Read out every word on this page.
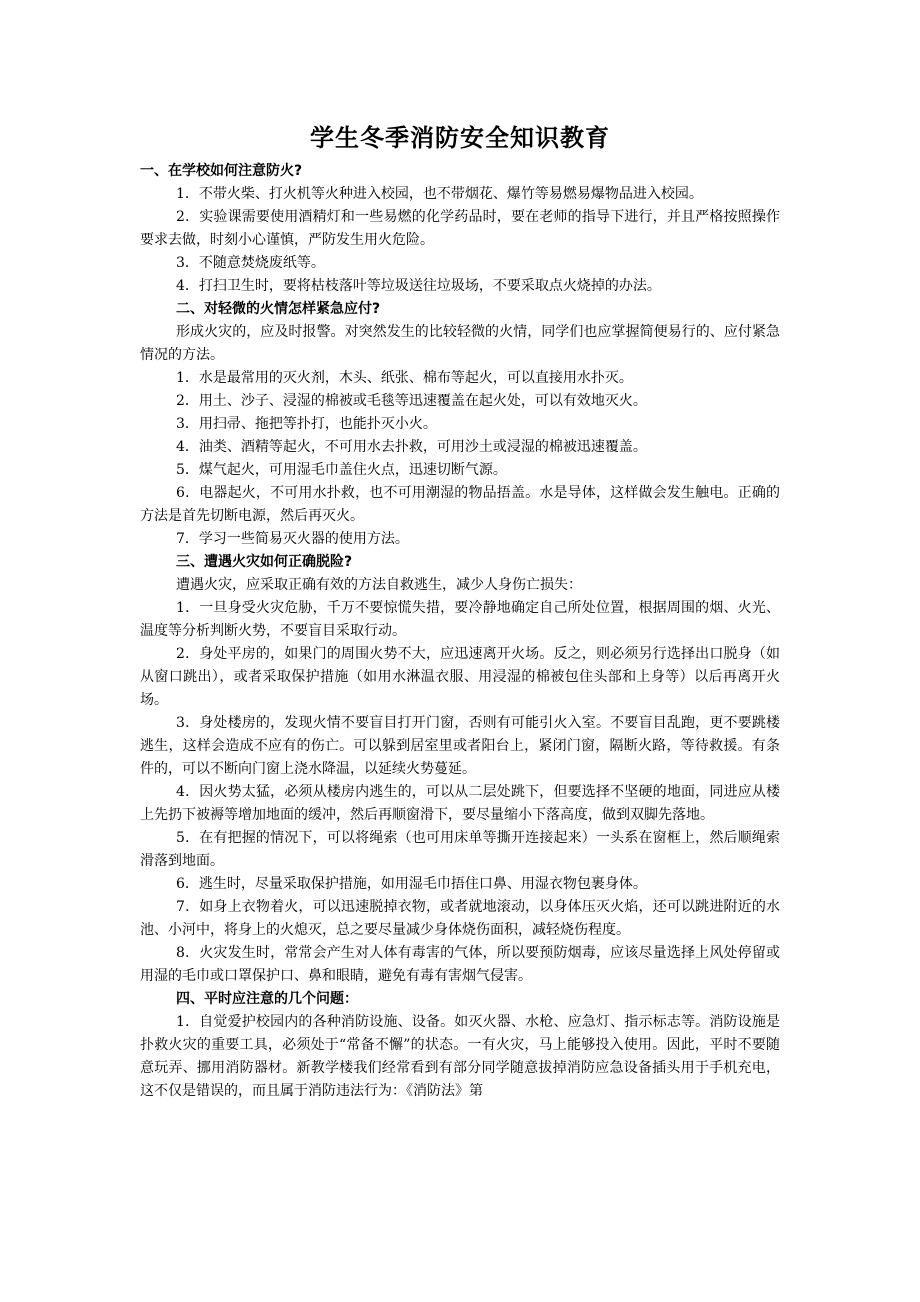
学生冬季消防安全知识教育
一、在学校如何注意防火?

1．不带火柴、打火机等火种进入校园，也不带烟花、爆竹等易燃易爆物品进入校园。

2．实验课需要使用酒精灯和一些易燃的化学药品时，要在老师的指导下进行，并且严格按照操作要求去做，时刻小心谨慎，严防发生用火危险。

3．不随意焚烧废纸等。

4．打扫卫生时，要将枯枝落叶等垃圾送往垃圾场，不要采取点火烧掉的办法。

二、对轻微的火情怎样紧急应付?

形成火灾的，应及时报警。对突然发生的比较轻微的火情，同学们也应掌握简便易行的、应付紧急情况的方法。

1．水是最常用的灭火剂，木头、纸张、棉布等起火，可以直接用水扑灭。

2．用土、沙子、浸湿的棉被或毛毯等迅速覆盖在起火处，可以有效地灭火。

3．用扫帚、拖把等扑打，也能扑灭小火。

4．油类、酒精等起火，不可用水去扑救，可用沙土或浸湿的棉被迅速覆盖。

5．煤气起火，可用湿毛巾盖住火点，迅速切断气源。

6．电器起火，不可用水扑救，也不可用潮湿的物品捂盖。水是导体，这样做会发生触电。正确的方法是首先切断电源，然后再灭火。

7．学习一些简易灭火器的使用方法。

三、遭遇火灾如何正确脱险?

遭遇火灾，应采取正确有效的方法自救逃生，减少人身伤亡损失：

1．一旦身受火灾危胁，千万不要惊慌失措，要冷静地确定自己所处位置，根据周围的烟、火光、温度等分析判断火势，不要盲目采取行动。

2．身处平房的，如果门的周围火势不大，应迅速离开火场。反之，则必须另行选择出口脱身（如从窗口跳出），或者采取保护措施（如用水淋温衣服、用浸湿的棉被包住头部和上身等）以后再离开火场。

3．身处楼房的，发现火情不要盲目打开门窗，否则有可能引火入室。不要盲目乱跑，更不要跳楼逃生，这样会造成不应有的伤亡。可以躲到居室里或者阳台上，紧闭门窗，隔断火路，等待救援。有条件的，可以不断向门窗上浇水降温，以延续火势蔓延。

4．因火势太猛，必须从楼房内逃生的，可以从二层处跳下，但要选择不坚硬的地面，同进应从楼上先扔下被褥等增加地面的缓冲，然后再顺窗滑下，要尽量缩小下落高度，做到双脚先落地。

5．在有把握的情况下，可以将绳索（也可用床单等撕开连接起来）一头系在窗框上，然后顺绳索滑落到地面。

6．逃生时，尽量采取保护措施，如用湿毛巾捂住口鼻、用湿衣物包裹身体。

7．如身上衣物着火，可以迅速脱掉衣物，或者就地滚动，以身体压灭火焰，还可以跳进附近的水池、小河中，将身上的火熄灭，总之要尽量减少身体烧伤面积，减轻烧伤程度。

8．火灾发生时，常常会产生对人体有毒害的气体，所以要预防烟毒，应该尽量选择上风处停留或用湿的毛巾或口罩保护口、鼻和眼睛，避免有毒有害烟气侵害。

四、平时应注意的几个问题：

1．自觉爱护校园内的各种消防设施、设备。如灭火器、水枪、应急灯、指示标志等。消防设施是扑救火灾的重要工具，必须处于“常备不懈”的状态。一有火灾，马上能够投入使用。因此，平时不要随意玩弄、挪用消防器材。新教学楼我们经常看到有部分同学随意拔掉消防应急设备插头用于手机充电，这不仅是错误的，而且属于消防违法行为：《消防法》第
